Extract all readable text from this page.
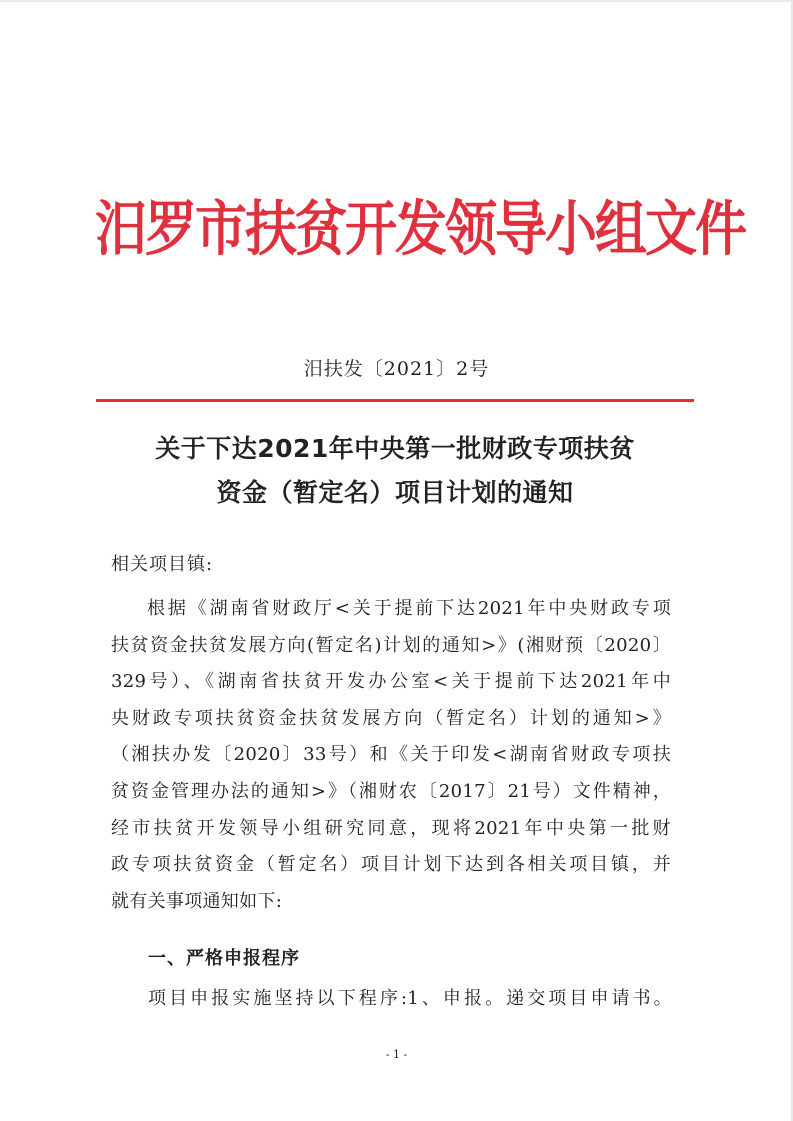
汨罗市扶贫开发领导小组文件
汨扶发〔2021〕2号
关于下达2021年中央第一批财政专项扶贫
资金（暂定名）项目计划的通知
相关项目镇:
根据《湖南省财政厅<关于提前下达2021年中央财政专项
扶贫资金扶贫发展方向(暂定名)计划的通知>》(湘财预〔2020〕
329号）、《湖南省扶贫开发办公室<关于提前下达2021年中
央财政专项扶贫资金扶贫发展方向（暂定名）计划的通知>》
（湘扶办发〔2020〕33号）和《关于印发<湖南省财政专项扶
贫资金管理办法的通知>》（湘财农〔2017〕21号）文件精神，
经市扶贫开发领导小组研究同意，现将2021年中央第一批财
政专项扶贫资金（暂定名）项目计划下达到各相关项目镇，并
就有关事项通知如下:
一、严格申报程序
项目申报实施坚持以下程序:1、申报。递交项目申请书。
- 1 -
